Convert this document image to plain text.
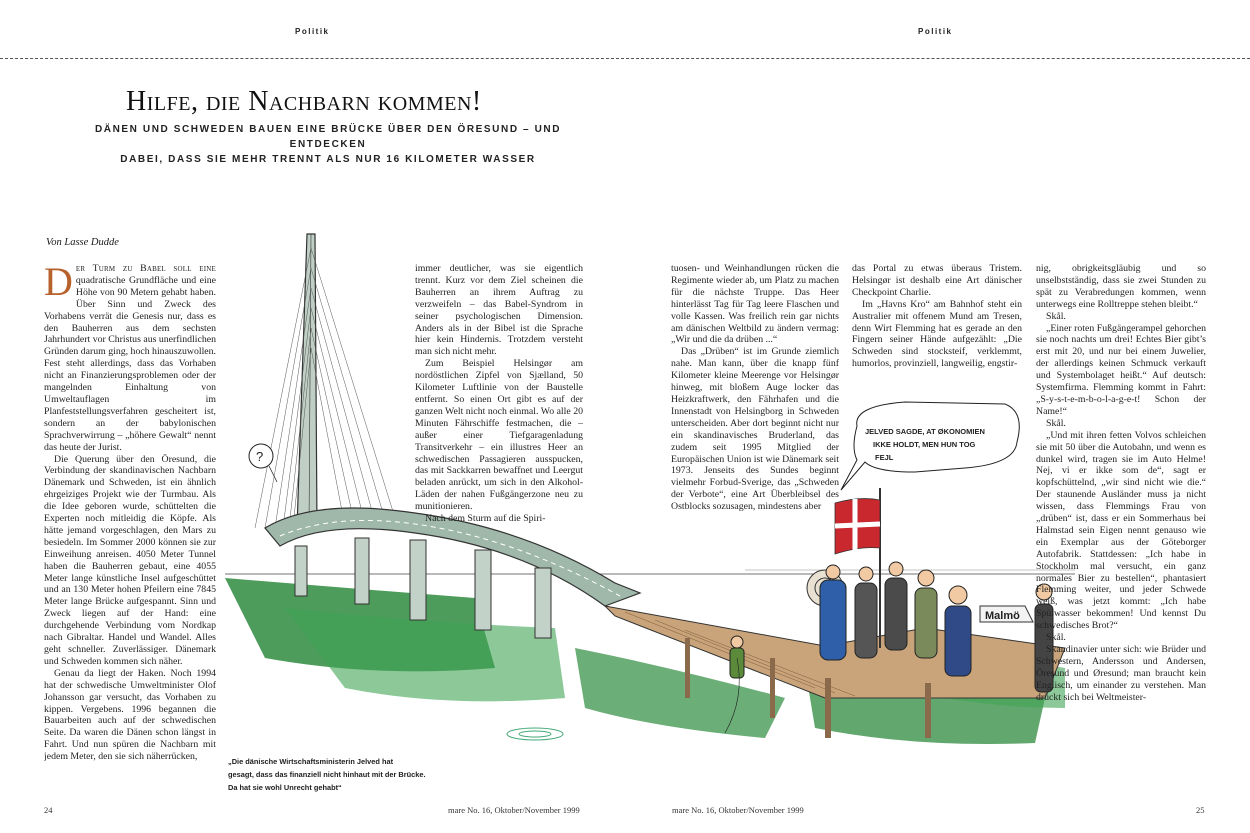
Politik	Politik
Hilfe, die Nachbarn kommen!
DÄNEN UND SCHWEDEN BAUEN EINE BRÜCKE ÜBER DEN ÖRESUND – UND ENTDECKEN
DABEI, DASS SIE MEHR TRENNT ALS NUR 16 KILOMETER WASSER
Malmö
JELVED SAGDE, AT ØKONOMIEN
IKKE HOLDT, MEN HUN TOG
FEJL
?
Von Lasse Dudde

Der Turm zu Babel soll eine quadratische Grundfläche und eine Höhe von 90 Metern gehabt haben. Über Sinn und Zweck des Vorhabens verrät die Genesis nur, dass es den Bauherren aus dem sechsten Jahrhundert vor Christus aus unerfindlichen Gründen darum ging, hoch hinauszuwollen. Fest steht allerdings, dass das Vorhaben nicht an Finanzierungsproblemen oder der mangelnden Einhaltung von Umweltauflagen im Planfeststellungsverfahren gescheitert ist, sondern an der babylonischen Sprachverwirrung – „höhere Gewalt“ nennt das heute der Jurist.

Die Querung über den Öresund, die Verbindung der skandinavischen Nachbarn Dänemark und Schweden, ist ein ähnlich ehrgeiziges Projekt wie der Turmbau. Als die Idee geboren wurde, schüttelten die Experten noch mitleidig die Köpfe. Als hätte jemand vorgeschlagen, den Mars zu besiedeln. Im Sommer 2000 können sie zur Einweihung anreisen. 4050 Meter Tunnel haben die Bauherren gebaut, eine 4055 Meter lange künstliche Insel aufgeschüttet und an 130 Meter hohen Pfeilern eine 7845 Meter lange Brücke aufgespannt. Sinn und Zweck liegen auf der Hand: eine durchgehende Verbindung vom Nordkap nach Gibraltar. Handel und Wandel. Alles geht schneller. Zuverlässiger. Dänemark und Schweden kommen sich näher.

Genau da liegt der Haken. Noch 1994 hat der schwedische Umweltminister Olof Johansson gar versucht, das Vorhaben zu kippen. Vergebens. 1996 begannen die Bauarbeiten auch auf der schwedischen Seite. Da waren die Dänen schon längst in Fahrt. Und nun spüren die Nachbarn mit jedem Meter, den sie sich näherrücken,

immer deutlicher, was sie eigentlich trennt. Kurz vor dem Ziel scheinen die Bauherren an ihrem Auftrag zu verzweifeln – das Babel-Syndrom in seiner psychologischen Dimension. Anders als in der Bibel ist die Sprache hier kein Hindernis. Trotzdem versteht man sich nicht mehr.

Zum Beispiel Helsingør am nordöstlichen Zipfel von Sjælland, 50 Kilometer Luftlinie von der Baustelle entfernt. So einen Ort gibt es auf der ganzen Welt nicht noch einmal. Wo alle 20 Minuten Fährschiffe festmachen, die – außer einer Tiefgaragenladung Transitverkehr – ein illustres Heer an schwedischen Passagieren ausspucken, das mit Sackkarren bewaffnet und Leergut beladen anrückt, um sich in den Alkohol-Läden der nahen Fußgängerzone neu zu munitionieren.

Nach dem Sturm auf die Spiri-

tuosen- und Weinhandlungen rücken die Regimente wieder ab, um Platz zu machen für die nächste Truppe. Das Heer hinterlässt Tag für Tag leere Flaschen und volle Kassen. Was freilich rein gar nichts am dänischen Weltbild zu ändern vermag: „Wir und die da drüben ...“

Das „Drüben“ ist im Grunde ziemlich nahe. Man kann, über die knapp fünf Kilometer kleine Meerenge vor Helsingør hinweg, mit bloßem Auge locker das Heizkraftwerk, den Fährhafen und die Innenstadt von Helsingborg in Schweden unterscheiden. Aber dort beginnt nicht nur ein skandinavisches Bruderland, das zudem seit 1995 Mitglied der Europäischen Union ist wie Dänemark seit 1973. Jenseits des Sundes beginnt vielmehr Forbud-Sverige, das „Schweden der Verbote“, eine Art Überbleibsel des Ostblocks sozusagen, mindestens aber

das Portal zu etwas überaus Tristem. Helsingør ist deshalb eine Art dänischer Checkpoint Charlie.

Im „Havns Kro“ am Bahnhof steht ein Australier mit offenem Mund am Tresen, denn Wirt Flemming hat es gerade an den Fingern seiner Hände aufgezählt: „Die Schweden sind stocksteif, verklemmt, humorlos, provinziell, langweilig, engstir-

nig, obrigkeitsgläubig und so unselbstständig, dass sie zwei Stunden zu spät zu Verabredungen kommen, wenn unterwegs eine Rolltreppe stehen bleibt.“

Skål.

„Einer roten Fußgängerampel gehorchen sie noch nachts um drei! Echtes Bier gibt’s erst mit 20, und nur bei einem Juwelier, der allerdings keinen Schmuck verkauft und Systembolaget heißt.“ Auf deutsch: Systemfirma. Flemming kommt in Fahrt: „S-y-s-t-e-m-b-o-l-a-g-e-t! Schon der Name!“

Skål.

„Und mit ihren fetten Volvos schleichen sie mit 50 über die Autobahn, und wenn es dunkel wird, tragen sie im Auto Helme! Nej, vi er ikke som de“, sagt er kopfschüttelnd, „wir sind nicht wie die.“ Der staunende Ausländer muss ja nicht wissen, dass Flemmings Frau von „drüben“ ist, dass er ein Sommerhaus bei Halmstad sein Eigen nennt genauso wie ein Exemplar aus der Göteborger Autofabrik. Stattdessen: „Ich habe in Stockholm mal versucht, ein ganz normales Bier zu bestellen“, phantasiert Flemming weiter, und jeder Schwede weiß, was jetzt kommt: „Ich habe Spülwasser bekommen! Und kennst Du schwedisches Brot?“

Skål.

Skandinavier unter sich: wie Brüder und Schwestern, Andersson und Andersen, Öresund und Øresund; man braucht kein Englisch, um einander zu verstehen. Man drückt sich bei Weltmeister-

„Die dänische Wirtschaftsministerin Jelved hat
gesagt, dass das finanziell nicht hinhaut mit der Brücke.
Da hat sie wohl Unrecht gehabt“
24	mare No. 16, Oktober/November 1999	mare No. 16, Oktober/November 1999	25
